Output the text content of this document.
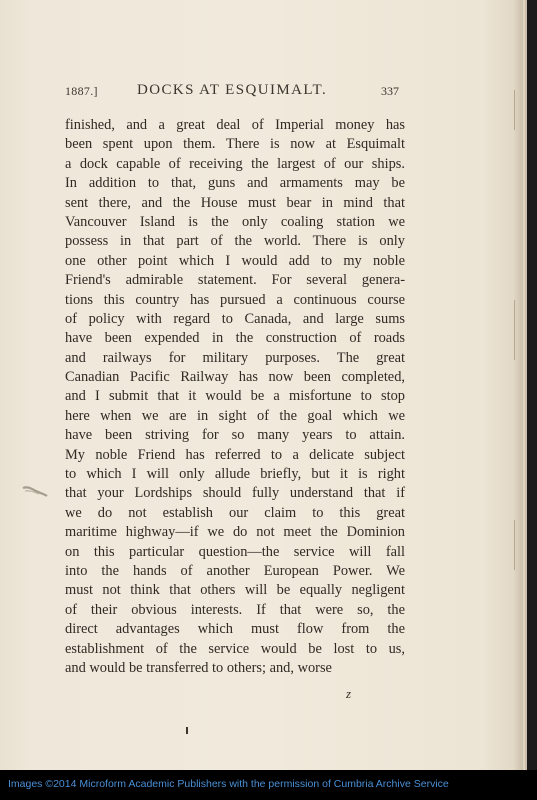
1887.]	DOCKS AT ESQUIMALT.	337
finished, and a great deal of Imperial money has
been spent upon them. There is now at Esquimalt
a dock capable of receiving the largest of our ships.
In addition to that, guns and armaments may be
sent there, and the House must bear in mind that
Vancouver Island is the only coaling station we
possess in that part of the world. There is only
one other point which I would add to my noble
Friend's admirable statement. For several genera-
tions this country has pursued a continuous course
of policy with regard to Canada, and large sums
have been expended in the construction of roads
and railways for military purposes. The great
Canadian Pacific Railway has now been completed,
and I submit that it would be a misfortune to stop
here when we are in sight of the goal which we
have been striving for so many years to attain.
My noble Friend has referred to a delicate subject
to which I will only allude briefly, but it is right
that your Lordships should fully understand that if
we do not establish our claim to this great
maritime highway—if we do not meet the Dominion
on this particular question—the service will fall
into the hands of another European Power. We
must not think that others will be equally negligent
of their obvious interests. If that were so, the
direct advantages which must flow from the
establishment of the service would be lost to us,
and would be transferred to others; and, worse
z
Images ©2014 Microform Academic Publishers with the permission of Cumbria Archive Service
